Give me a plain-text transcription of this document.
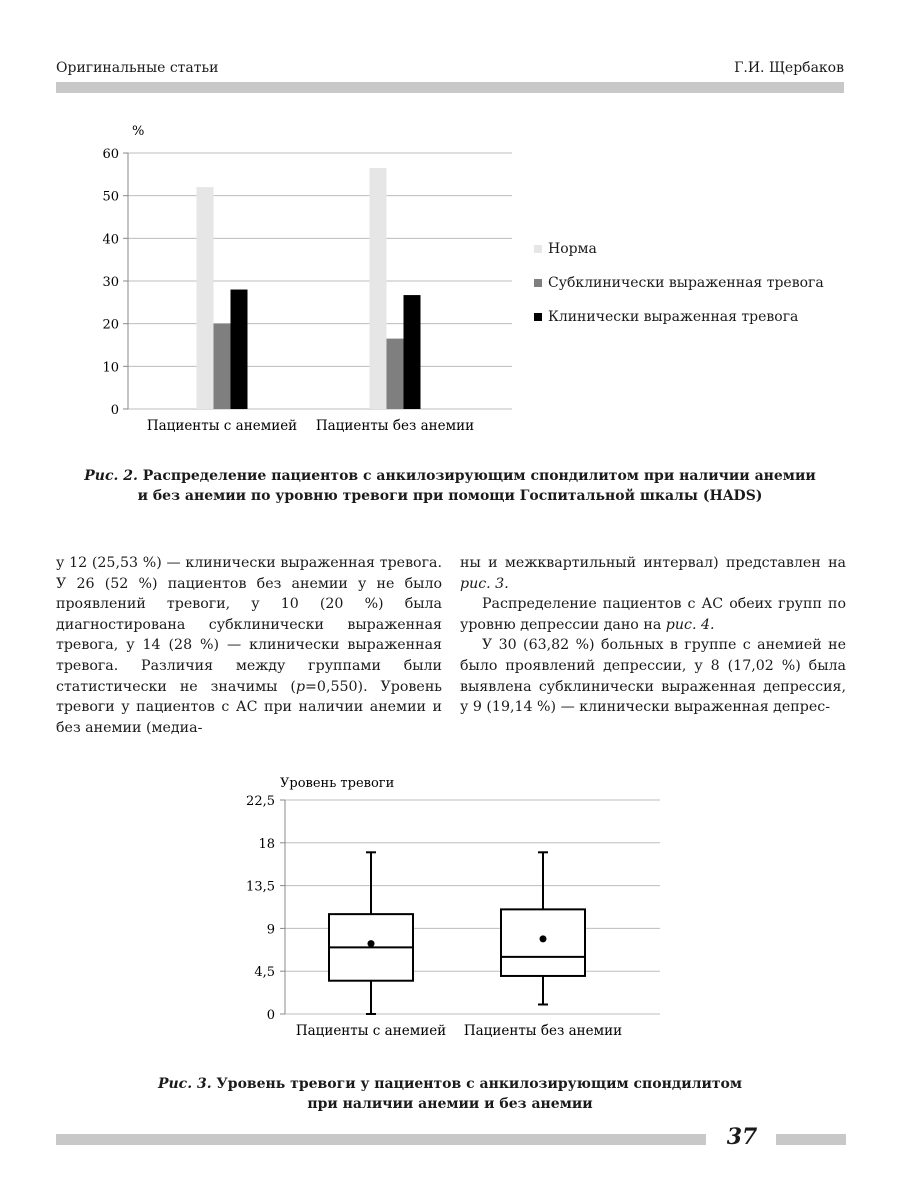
Оригинальные статьи	Г.И. Щербаков
%
0
10
20
30
40
50
60
Пациенты с анемией Пациенты без анемии
Норма
Субклинически выраженная тревога
Клинически выраженная тревога
Рис. 2. Распределение пациентов с анкилозирующим спондилитом при наличии анемии
и без анемии по уровню тревоги при помощи Госпитальной шкалы (HADS)

у 12 (25,53 %) — клинически выраженная тревога. У 26 (52 %) пациентов без анемии у не было проявлений тревоги, у 10 (20 %) была диагностирована субклинически выраженная тревога, у 14 (28 %) — клинически выраженная тревога. Различия между группами были статистически не значимы (p=0,550). Уровень тревоги у пациентов с АС при наличии анемии и без анемии (медиа-

ны и межквартильный интервал) представлен на рис. 3.

Распределение пациентов с АС обеих групп по уровню депрессии дано на рис. 4.

У 30 (63,82 %) больных в группе с анемией не было проявлений депрессии, у 8 (17,02 %) была выявлена субклинически выраженная депрессия, у 9 (19,14 %) — клинически выраженная депрес-

Уровень тревоги
0
4,5
9
13,5
18
22,5
Пациенты с анемией Пациенты без анемии
Рис. 3. Уровень тревоги у пациентов с анкилозирующим спондилитом
при наличии анемии и без анемии
37
